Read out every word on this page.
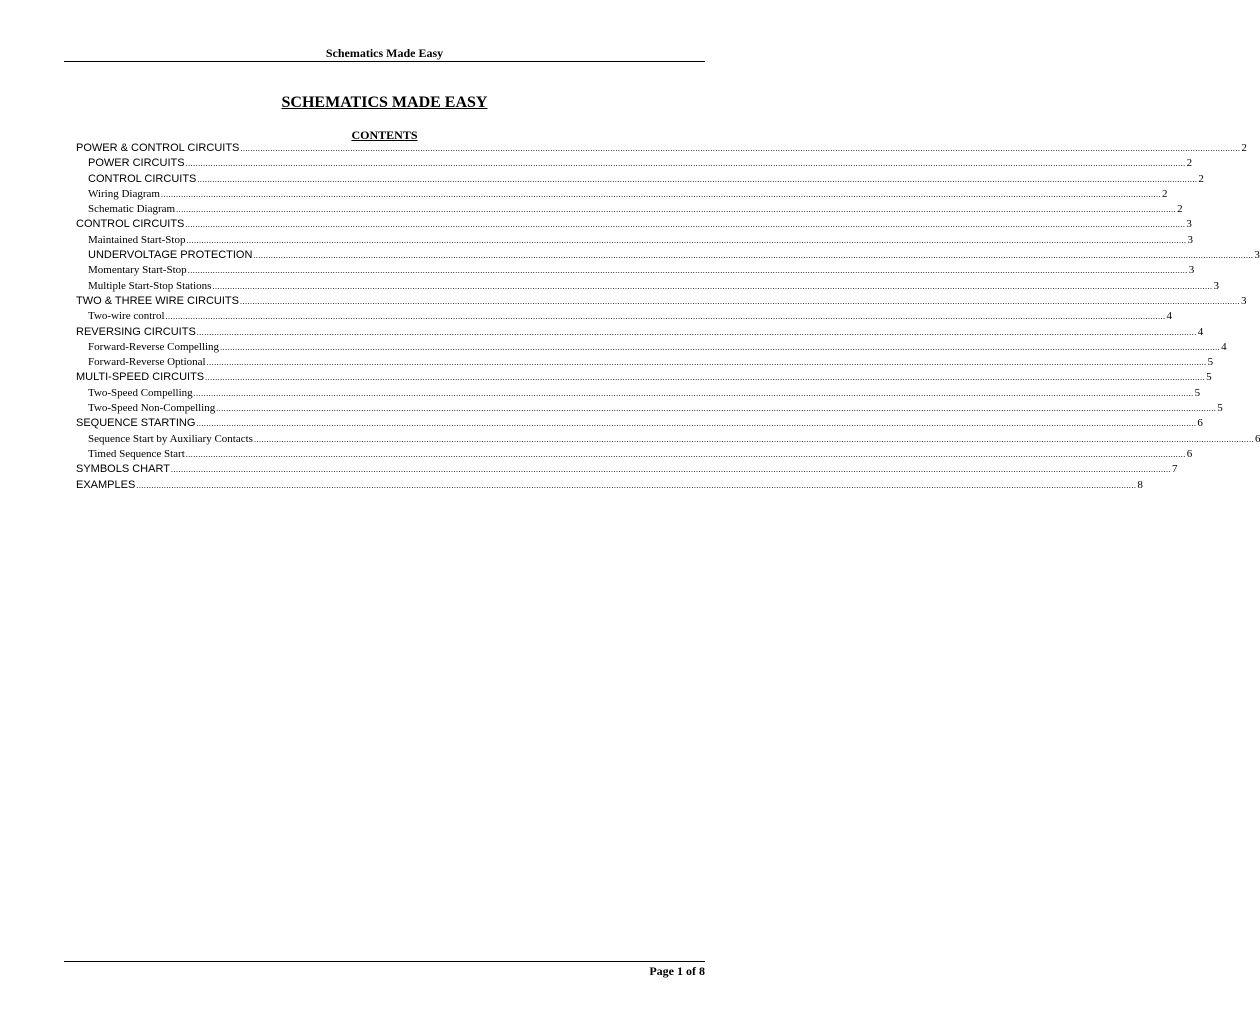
Schematics Made Easy
SCHEMATICS MADE EASY
CONTENTS
POWER & CONTROL CIRCUITS ................................................................................................................................................................................................................................................................................................................................................................................................................ 2
POWER CIRCUITS ................................................................................................................................................................................................................................................................................................................................................................................................................ 2
CONTROL CIRCUITS ................................................................................................................................................................................................................................................................................................................................................................................................................ 2
Wiring Diagram ................................................................................................................................................................................................................................................................................................................................................................................................................ 2
Schematic Diagram ................................................................................................................................................................................................................................................................................................................................................................................................................ 2
CONTROL CIRCUITS ................................................................................................................................................................................................................................................................................................................................................................................................................ 3
Maintained Start-Stop ................................................................................................................................................................................................................................................................................................................................................................................................................ 3
UNDERVOLTAGE PROTECTION ................................................................................................................................................................................................................................................................................................................................................................................................................ 3
Momentary Start-Stop ................................................................................................................................................................................................................................................................................................................................................................................................................ 3
Multiple Start-Stop Stations ................................................................................................................................................................................................................................................................................................................................................................................................................ 3
TWO & THREE WIRE CIRCUITS ................................................................................................................................................................................................................................................................................................................................................................................................................ 3
Two-wire control ................................................................................................................................................................................................................................................................................................................................................................................................................ 4
REVERSING CIRCUITS ................................................................................................................................................................................................................................................................................................................................................................................................................ 4
Forward-Reverse Compelling ................................................................................................................................................................................................................................................................................................................................................................................................................ 4
Forward-Reverse Optional ................................................................................................................................................................................................................................................................................................................................................................................................................ 5
MULTI-SPEED CIRCUITS ................................................................................................................................................................................................................................................................................................................................................................................................................ 5
Two-Speed Compelling ................................................................................................................................................................................................................................................................................................................................................................................................................ 5
Two-Speed Non-Compelling ................................................................................................................................................................................................................................................................................................................................................................................................................ 5
SEQUENCE STARTING ................................................................................................................................................................................................................................................................................................................................................................................................................ 6
Sequence Start by Auxiliary Contacts ................................................................................................................................................................................................................................................................................................................................................................................................................ 6
Timed Sequence Start ................................................................................................................................................................................................................................................................................................................................................................................................................ 6
SYMBOLS CHART ................................................................................................................................................................................................................................................................................................................................................................................................................ 7
EXAMPLES ................................................................................................................................................................................................................................................................................................................................................................................................................ 8
Page 1 of 8
